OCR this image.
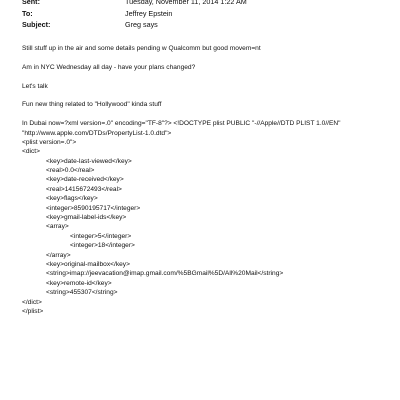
Sent:	Tuesday, November 11, 2014 1:22 AM
To:	Jeffrey Epstein
Subject:	Greg says
Still stuff up in the air and some details pending w Qualcomm but good movem=nt
Am in NYC Wednesday all day - have your plans changed?
Let's talk
Fun new thing related to "Hollywood" kinda stuff
In Dubai now=?xml version=.0" encoding="TF-8"?> <!DOCTYPE plist PUBLIC "-//Apple//DTD PLIST 1.0//EN"
"http://www.apple.com/DTDs/PropertyList-1.0.dtd">
<plist version=.0">
<dict>
<key>date-last-viewed</key>
<real>0.0</real>
<key>date-received</key>
<real>1415672493</real>
<key>flags</key>
<integer>8590195717</integer>
<key>gmail-label-ids</key>
<array>
<integer>5</integer>
<integer>18</integer>
</array>
<key>original-mailbox</key>
<string>imap://jeevacation@imap.gmail.com/%5BGmail%5D/All%20Mail</string>
<key>remote-id</key>
<string>455307</string>
</dict>
</plist>
